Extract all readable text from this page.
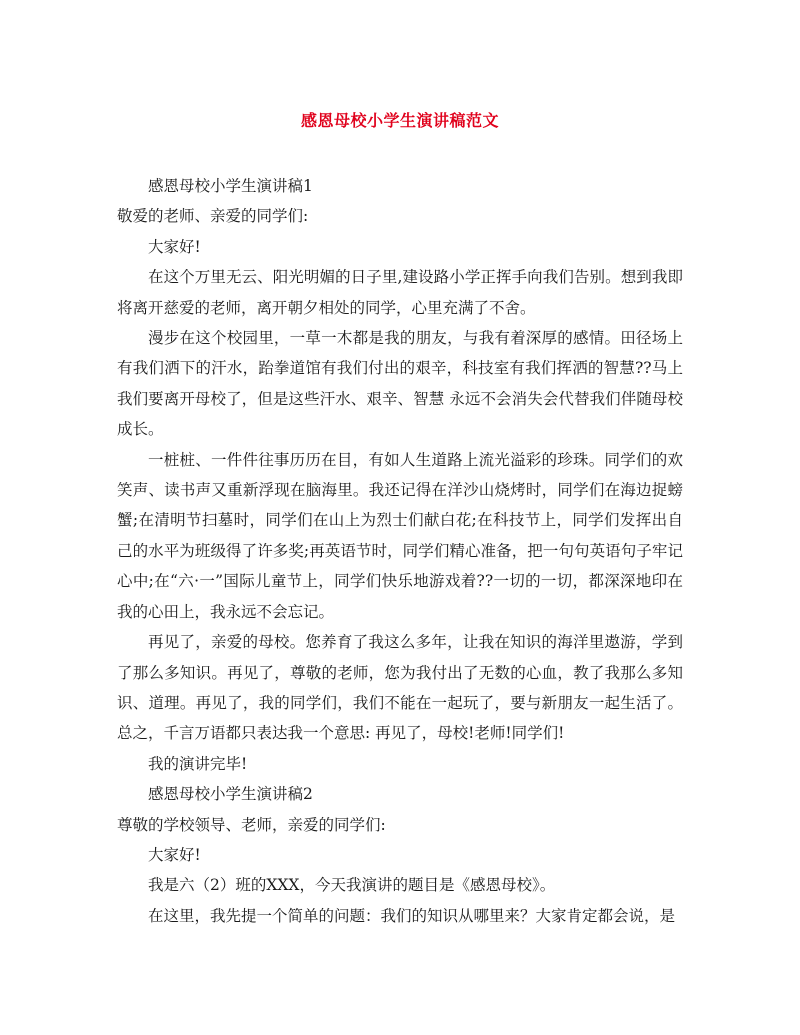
感恩母校小学生演讲稿范文

感恩母校小学生演讲稿1

敬爱的老师、亲爱的同学们:

大家好!

在这个万里无云、阳光明媚的日子里,建设路小学正挥手向我们告别。想到我即将离开慈爱的老师，离开朝夕相处的同学，心里充满了不舍。

漫步在这个校园里，一草一木都是我的朋友，与我有着深厚的感情。田径场上有我们洒下的汗水，跆拳道馆有我们付出的艰辛，科技室有我们挥洒的智慧??马上我们要离开母校了，但是这些汗水、艰辛、智慧 永远不会消失会代替我们伴随母校成长。

一桩桩、一件件往事历历在目，有如人生道路上流光溢彩的珍珠。同学们的欢笑声、读书声又重新浮现在脑海里。我还记得在洋沙山烧烤时，同学们在海边捉螃蟹;在清明节扫墓时，同学们在山上为烈士们献白花;在科技节上，同学们发挥出自己的水平为班级得了许多奖;再英语节时，同学们精心准备，把一句句英语句子牢记心中;在“六·一”国际儿童节上，同学们快乐地游戏着??一切的一切，都深深地印在我的心田上，我永远不会忘记。

再见了，亲爱的母校。您养育了我这么多年，让我在知识的海洋里遨游，学到了那么多知识。再见了，尊敬的老师，您为我付出了无数的心血，教了我那么多知识、道理。再见了，我的同学们，我们不能在一起玩了，要与新朋友一起生活了。总之，千言万语都只表达我一个意思: 再见了，母校!老师!同学们!

我的演讲完毕!

感恩母校小学生演讲稿2

尊敬的学校领导、老师，亲爱的同学们:

大家好!

我是六（2）班的XXX，今天我演讲的题目是《感恩母校》。

在这里，我先提一个简单的问题：我们的知识从哪里来？大家肯定都会说，是
